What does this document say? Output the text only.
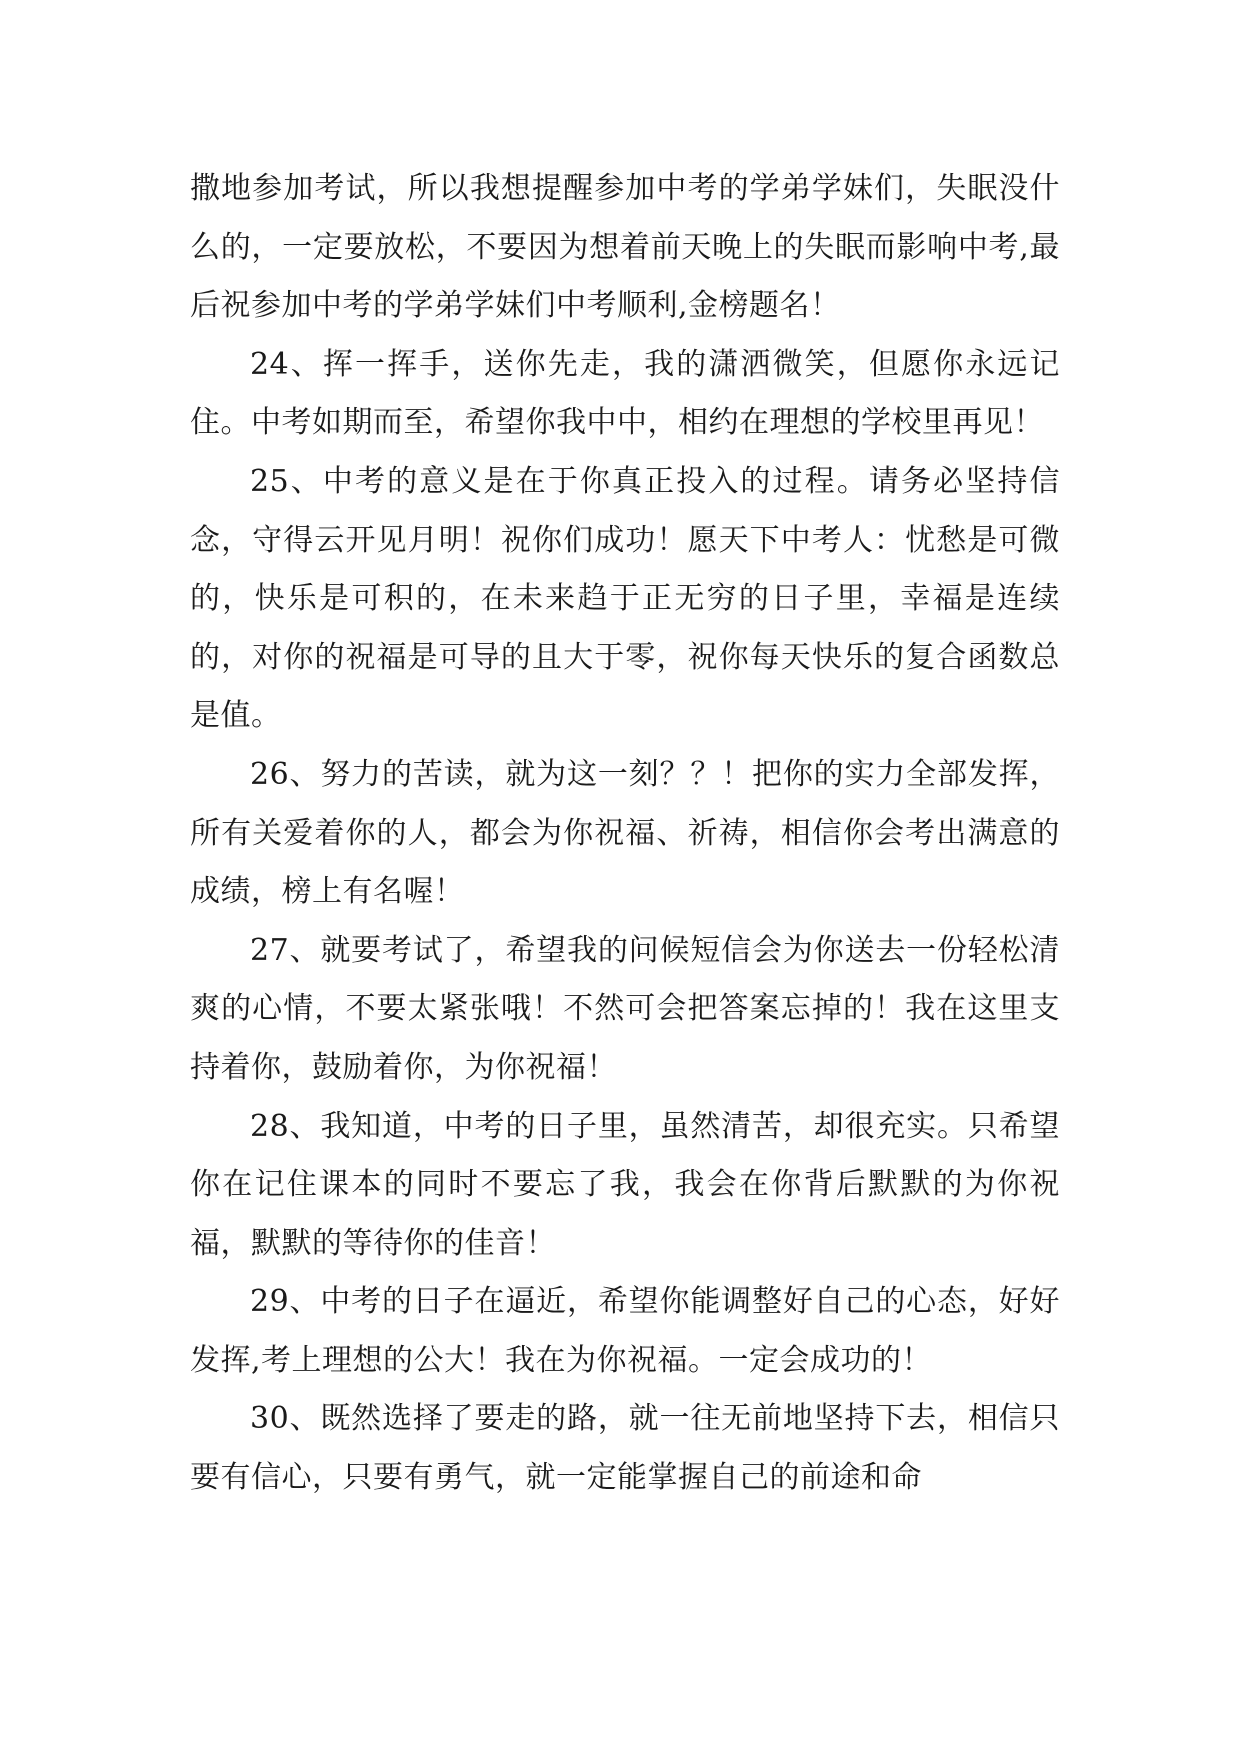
撒地参加考试，所以我想提醒参加中考的学弟学妹们，失眠没什么的，一定要放松，不要因为想着前天晚上的失眠而影响中考,最后祝参加中考的学弟学妹们中考顺利,金榜题名！

24、挥一挥手，送你先走，我的潇洒微笑，但愿你永远记住。中考如期而至，希望你我中中，相约在理想的学校里再见！

25、中考的意义是在于你真正投入的过程。请务必坚持信念，守得云开见月明！祝你们成功！愿天下中考人：忧愁是可微的，快乐是可积的，在未来趋于正无穷的日子里，幸福是连续的，对你的祝福是可导的且大于零，祝你每天快乐的复合函数总是值。

26、努力的苦读，就为这一刻？？！把你的实力全部发挥，所有关爱着你的人，都会为你祝福、祈祷，相信你会考出满意的成绩，榜上有名喔！

27、就要考试了，希望我的问候短信会为你送去一份轻松清爽的心情，不要太紧张哦！不然可会把答案忘掉的！我在这里支持着你，鼓励着你，为你祝福！

28、我知道，中考的日子里，虽然清苦，却很充实。只希望你在记住课本的同时不要忘了我，我会在你背后默默的为你祝福，默默的等待你的佳音！

29、中考的日子在逼近，希望你能调整好自己的心态，好好发挥,考上理想的公大！我在为你祝福。一定会成功的！

30、既然选择了要走的路，就一往无前地坚持下去，相信只要有信心，只要有勇气，就一定能掌握自己的前途和命
